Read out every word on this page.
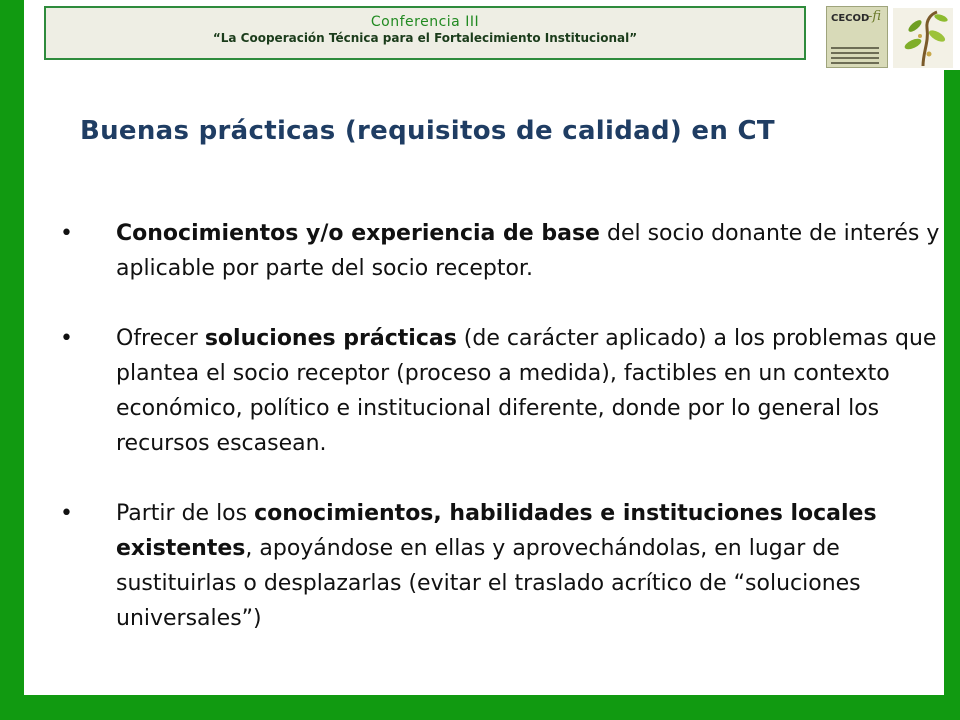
Conferencia III
“La Cooperación Técnica para el Fortalecimiento Institucional”
CECOD
-fi
Buenas prácticas (requisitos de calidad) en CT
•	Conocimientos y/o experiencia de base del socio donante de interés y aplicable por parte del socio receptor.
•	Ofrecer soluciones prácticas (de carácter aplicado) a los problemas que plantea el socio receptor (proceso a medida), factibles en un contexto económico, político e institucional diferente, donde por lo general los recursos escasean.
•	Partir de los conocimientos, habilidades e instituciones locales existentes, apoyándose en ellas y aprovechándolas, en lugar de sustituirlas o desplazarlas (evitar el traslado acrítico de “soluciones universales”)
